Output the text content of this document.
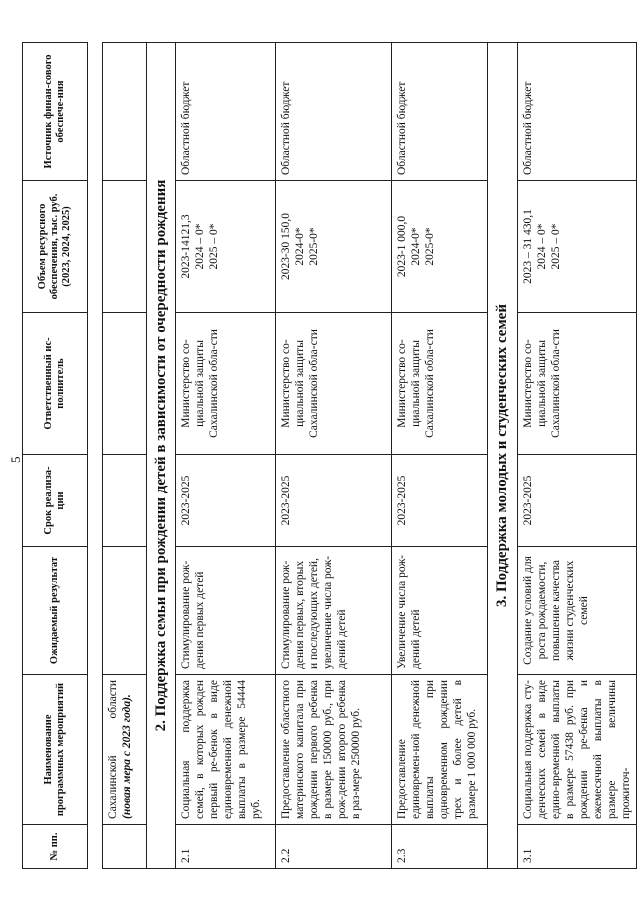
5
№ пп.	Наименование программных мероприятий	Ожидаемый результат	Срок реализа-ции	Ответственный ис-полнитель	Объем ресурсного обеспечения, тыс. руб. (2023, 2024, 2025)	Источник финан-сового обеспече-ния

	Сахалинской области (новая мера с 2023 года).					
2. Поддержка семьи при рождении детей в зависимости от очередности рождения						
2.1	Социальная поддержка семей, в которых рожден первый ре-бенок в виде единовременной денежной выплаты в размере 54444 руб.	Стимулирование рож-дения первых детей	2023-2025	Министерство со-циальной защиты Сахалинской обла-сти	2023-14121,3 2024 – 0* 2025 – 0*	Областной бюджет
2.2	Предоставление областного материнского капитала при рождении первого ребенка в размере 150000 руб., при рож-дении второго ребенка в раз-мере 250000 руб.	Стимулирование рож-дения первых, вторых и последующих детей, увеличение числа рож-дений детей	2023-2025	Министерство со-циальной защиты Сахалинской обла-сти	2023-30 150,0 2024-0* 2025-0*	Областной бюджет
2.3	Предоставление единовремен-ной денежной выплаты при одновременном рождении трех и более детей в размере 1 000 000 руб.	Увеличение числа рож-дений детей	2023-2025	Министерство со-циальной защиты Сахалинской обла-сти	2023-1 000,0 2024-0* 2025-0*	Областной бюджет
3. Поддержка молодых и студенческих семей						
3.1	Социальная поддержка сту-денческих семей в виде едино-временной выплаты в размере 57438 руб. при рождении ре-бенка и ежемесячной выплаты в размере величины прожиточ-	Создание условий для роста рождаемости, повышение качества жизни студенческих семей	2023-2025	Министерство со-циальной защиты Сахалинской обла-сти	2023 – 31 430,1 2024 – 0* 2025 – 0*	Областной бюджет
